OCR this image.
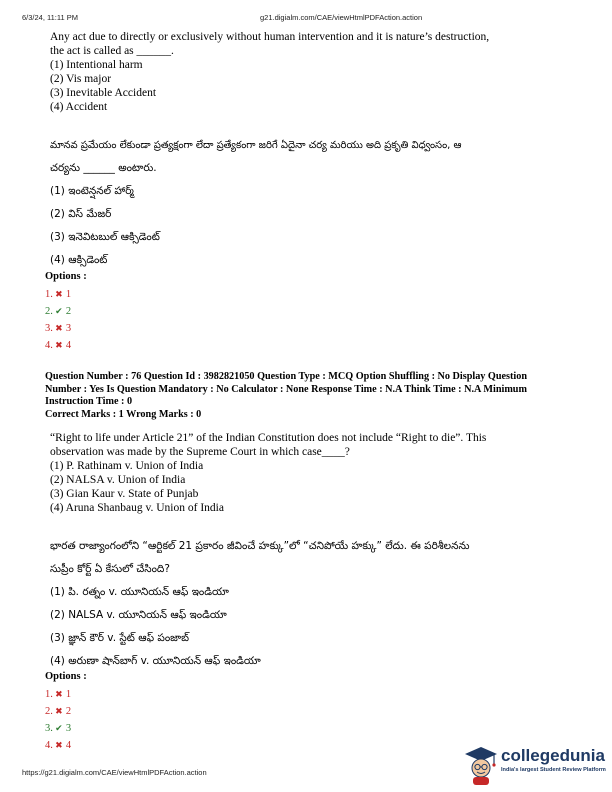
6/3/24, 11:11 PM	g21.digialm.com/CAE/viewHtmlPDFAction.action
Any act due to directly or exclusively without human intervention and it is nature’s destruction,
the act is called as ______.
(1) Intentional harm
(2) Vis major
(3) Inevitable Accident
(4) Accident
మానవ ప్రమేయం లేకుండా ప్రత్యక్షంగా లేదా ప్రత్యేకంగా జరిగే ఏదైనా చర్య మరియు అది ప్రకృతి విధ్వంసం, ఆ
చర్యను ______ అంటారు.
(1) ఇంటెన్షనల్ హార్మ్
(2) విస్ మేజర్
(3) ఇనెవిటబుల్ ఆక్సిడెంట్
(4) ఆక్సిడెంట్
Options :
1. ✖ 1
2. ✔ 2
3. ✖ 3
4. ✖ 4
Question Number : 76 Question Id : 3982821050 Question Type : MCQ Option Shuffling : No Display Question
Number : Yes Is Question Mandatory : No Calculator : None Response Time : N.A Think Time : N.A Minimum
Instruction Time : 0
Correct Marks : 1 Wrong Marks : 0
“Right to life under Article 21” of the Indian Constitution does not include “Right to die”. This
observation was made by the Supreme Court in which case____?
(1) P. Rathinam v. Union of India
(2) NALSA v. Union of India
(3) Gian Kaur v. State of Punjab
(4) Aruna Shanbaug v. Union of India
భారత రాజ్యాంగంలోని “ఆర్టికల్ 21 ప్రకారం జీవించే హక్కు”లో “చనిపోయే హక్కు” లేదు. ఈ పరిశీలనను
సుప్రీం కోర్ట్ ఏ కేసులో చేసింది?
(1) పి. రత్నం v. యూనియన్ ఆఫ్ ఇండియా
(2) NALSA v. యూనియన్ ఆఫ్ ఇండియా
(3) జ్ఞాన్ కౌర్ v. స్టేట్ ఆఫ్ పంజాబ్
(4) అరుణా షాన్‌బాగ్ v. యూనియన్ ఆఫ్ ఇండియా
Options :
1. ✖ 1
2. ✖ 2
3. ✔ 3
4. ✖ 4
https://g21.digialm.com/CAE/viewHtmlPDFAction.action
collegedunia
India's largest Student Review Platform
